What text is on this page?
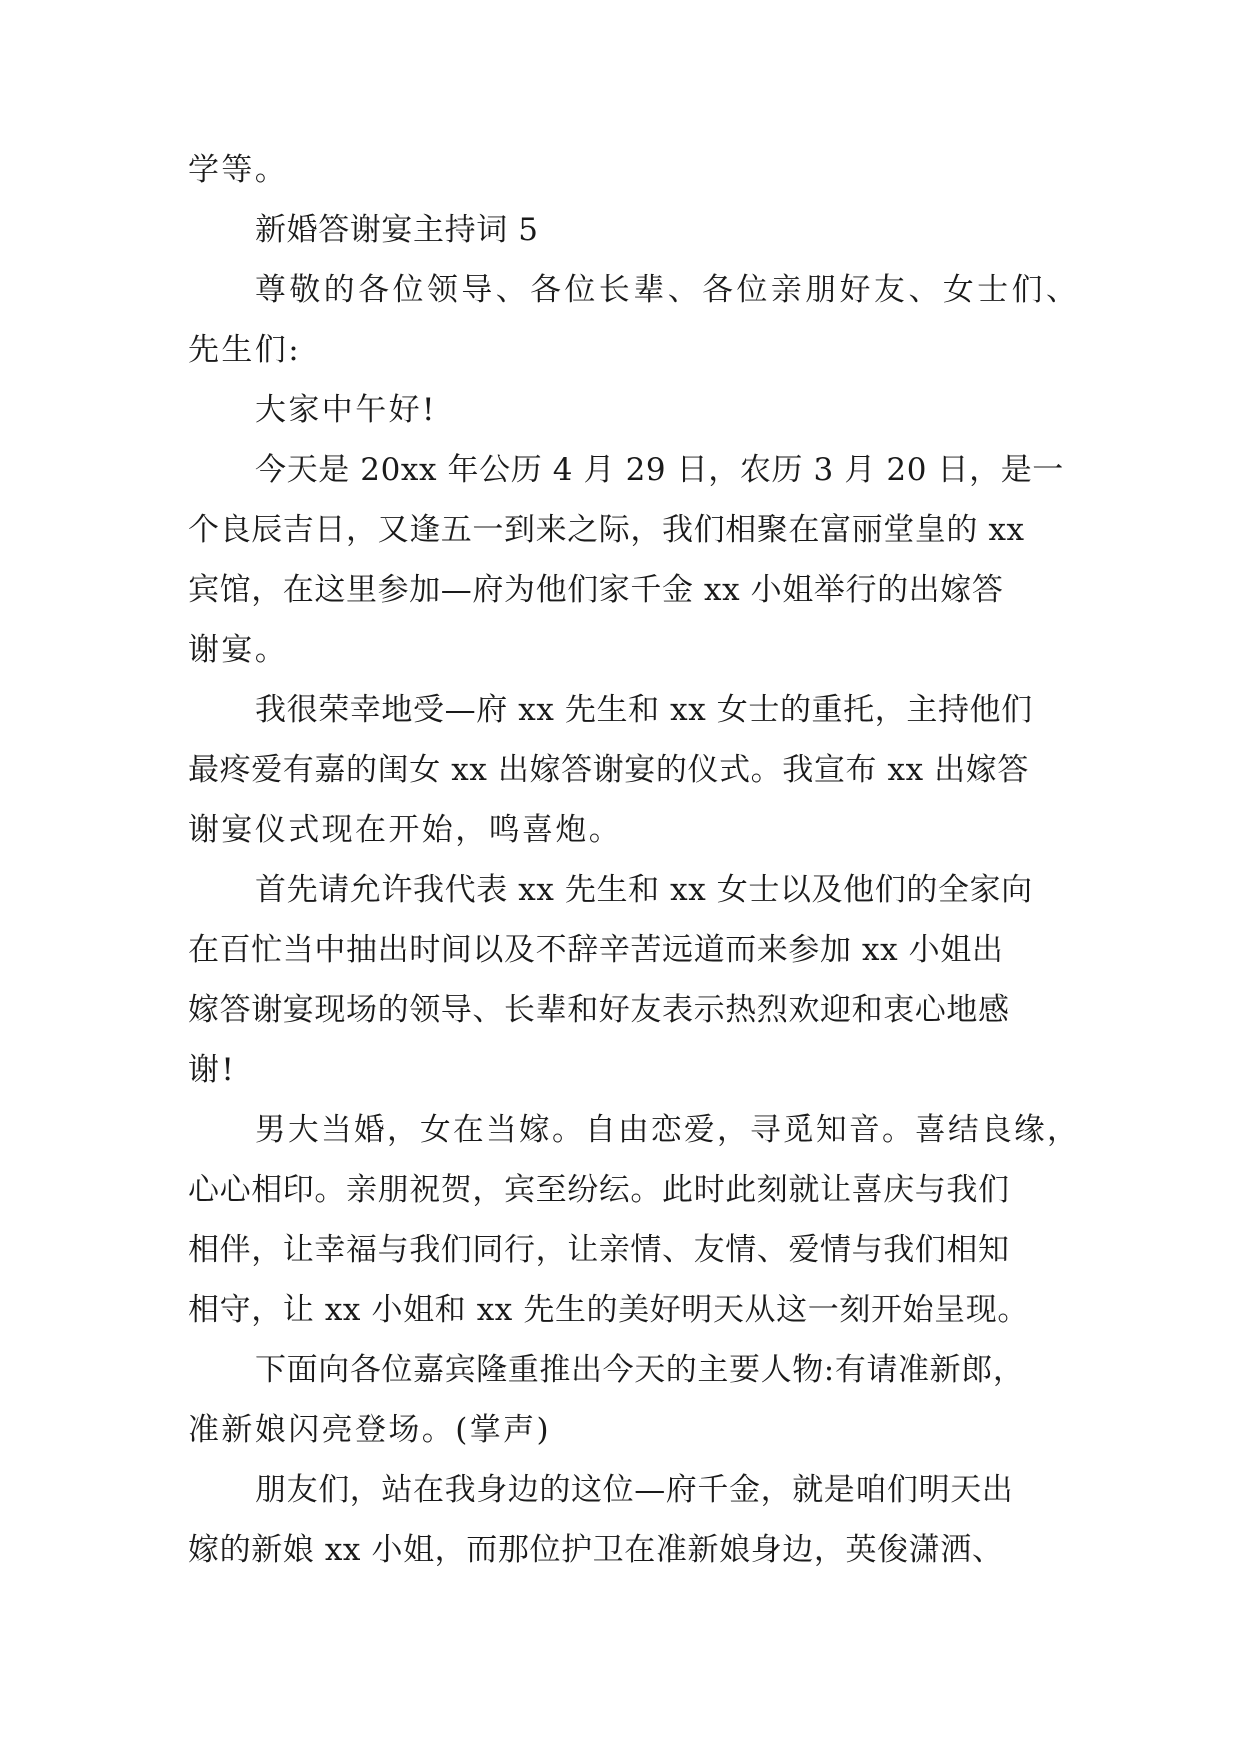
学等。
新婚答谢宴主持词 5
尊敬的各位领导、各位长辈、各位亲朋好友、女士们、
先生们:
大家中午好!
今天是 20xx 年公历 4 月 29 日，农历 3 月 20 日，是一
个良辰吉日，又逢五一到来之际，我们相聚在富丽堂皇的 xx
宾馆，在这里参加—府为他们家千金 xx 小姐举行的出嫁答
谢宴。
我很荣幸地受—府 xx 先生和 xx 女士的重托，主持他们
最疼爱有嘉的闺女 xx 出嫁答谢宴的仪式。我宣布 xx 出嫁答
谢宴仪式现在开始，鸣喜炮。
首先请允许我代表 xx 先生和 xx 女士以及他们的全家向
在百忙当中抽出时间以及不辞辛苦远道而来参加 xx 小姐出
嫁答谢宴现场的领导、长辈和好友表示热烈欢迎和衷心地感
谢!
男大当婚，女在当嫁。自由恋爱，寻觅知音。喜结良缘，
心心相印。亲朋祝贺，宾至纷纭。此时此刻就让喜庆与我们
相伴，让幸福与我们同行，让亲情、友情、爱情与我们相知
相守，让 xx 小姐和 xx 先生的美好明天从这一刻开始呈现。
下面向各位嘉宾隆重推出今天的主要人物:有请准新郎，
准新娘闪亮登场。(掌声)
朋友们，站在我身边的这位—府千金，就是咱们明天出
嫁的新娘 xx 小姐，而那位护卫在准新娘身边，英俊潇洒、
